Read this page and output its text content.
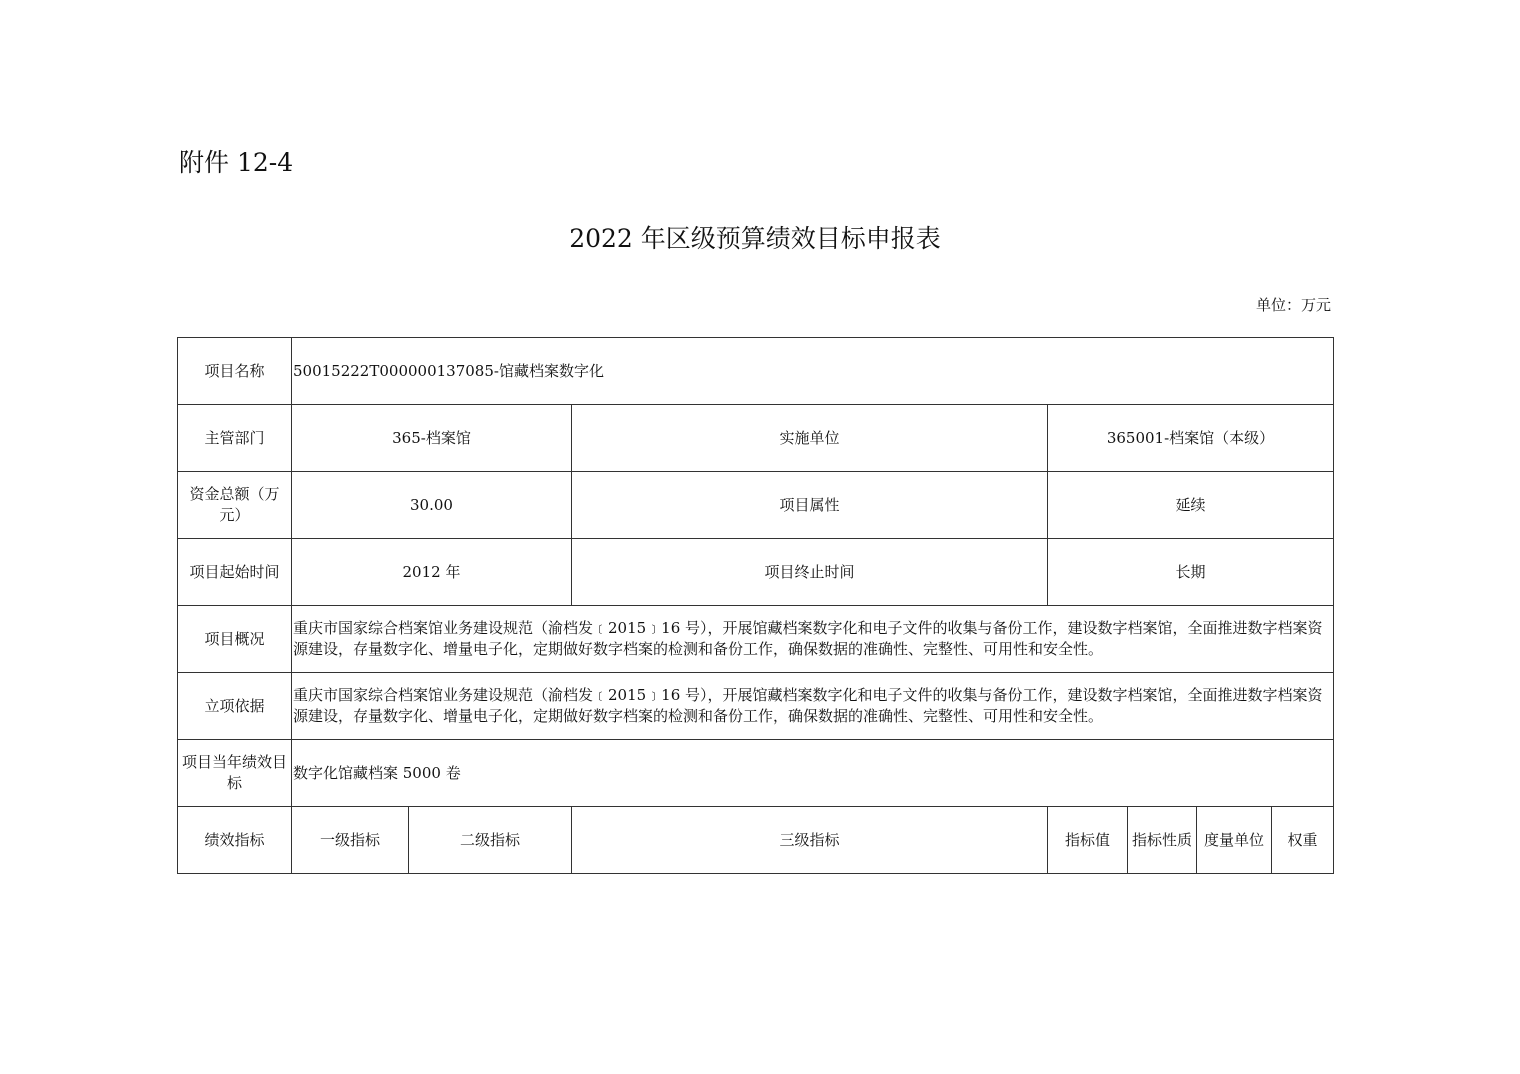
附件 12-4
2022 年区级预算绩效目标申报表
单位：万元
项目名称	50015222T000000137085-馆藏档案数字化						
主管部门	365-档案馆		实施单位	365001-档案馆（本级）			
资金总额（万元）	30.00		项目属性	延续			
项目起始时间	2012 年		项目终止时间	长期			
项目概况	重庆市国家综合档案馆业务建设规范（渝档发﹝2015﹞16 号），开展馆藏档案数字化和电子文件的收集与备份工作，建设数字档案馆，全面推进数字档案资源建设，存量数字化、增量电子化，定期做好数字档案的检测和备份工作，确保数据的准确性、完整性、可用性和安全性。						
立项依据	重庆市国家综合档案馆业务建设规范（渝档发﹝2015﹞16 号），开展馆藏档案数字化和电子文件的收集与备份工作，建设数字档案馆，全面推进数字档案资源建设，存量数字化、增量电子化，定期做好数字档案的检测和备份工作，确保数据的准确性、完整性、可用性和安全性。						
项目当年绩效目标	数字化馆藏档案 5000 卷						
绩效指标	一级指标	二级指标	三级指标	指标值	指标性质	度量单位	权重
